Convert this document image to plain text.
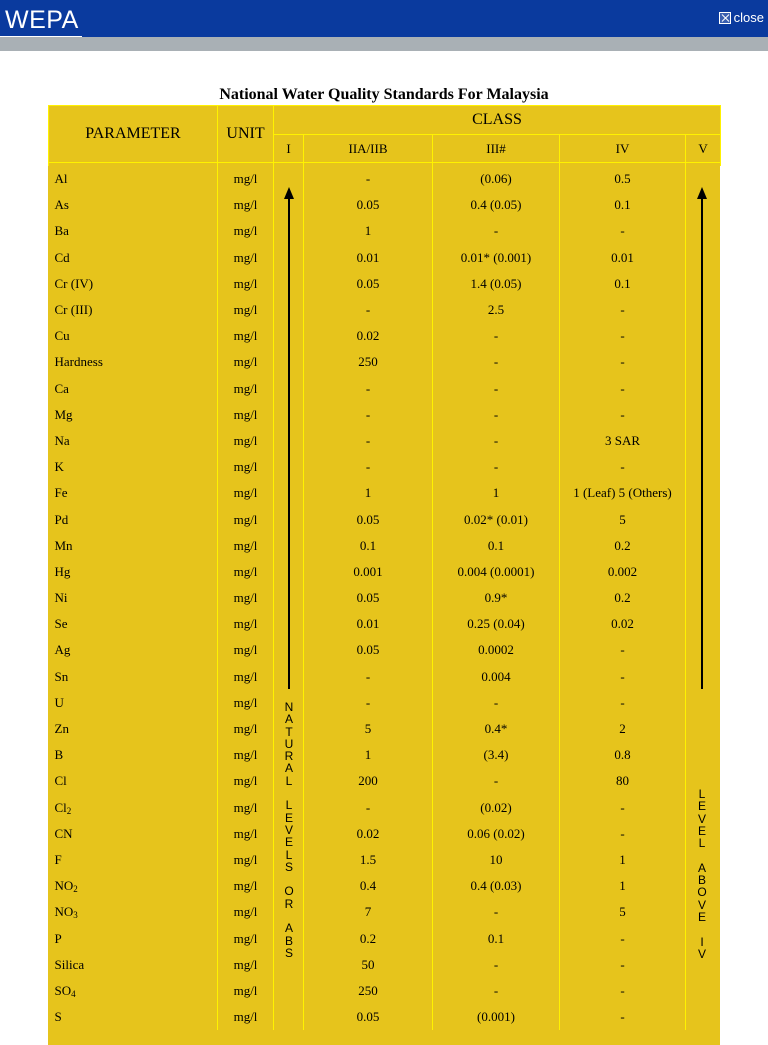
WEPA	close
National Water Quality Standards For Malaysia
PARAMETER	UNIT	CLASS				
		I	IIA/IIB	III#	IV	V

Al	mg/l		-	(0.06)	0.5	
As	mg/l		0.05	0.4 (0.05)	0.1	
Ba	mg/l		1	-	-	
Cd	mg/l		0.01	0.01* (0.001)	0.01	
Cr (IV)	mg/l		0.05	1.4 (0.05)	0.1	
Cr (III)	mg/l		-	2.5	-	
Cu	mg/l		0.02	-	-	
Hardness	mg/l		250	-	-	
Ca	mg/l		-	-	-	
Mg	mg/l		-	-	-	
Na	mg/l		-	-	3 SAR	
K	mg/l		-	-	-	
Fe	mg/l		1	1	1 (Leaf) 5 (Others)	
Pd	mg/l		0.05	0.02* (0.01)	5	
Mn	mg/l		0.1	0.1	0.2	
Hg	mg/l		0.001	0.004 (0.0001)	0.002	
Ni	mg/l		0.05	0.9*	0.2	
Se	mg/l		0.01	0.25 (0.04)	0.02	
Ag	mg/l		0.05	0.0002	-	
Sn	mg/l		-	0.004	-	
U	mg/l		-	-	-	
Zn	mg/l		5	0.4*	2	
B	mg/l		1	(3.4)	0.8	
Cl	mg/l		200	-	80	
$Cl_2$	mg/l		-	(0.02)	-	
CN	mg/l		0.02	0.06 (0.02)	-	
F	mg/l		1.5	10	1	
$NO_2$	mg/l		0.4	0.4 (0.03)	1	
$NO_3$	mg/l		7	-	5	
P	mg/l		0.2	0.1	-	
Silica	mg/l		50	-	-	
$SO_4$	mg/l		250	-	-	
S	mg/l		0.05	(0.001)	-	
N
A
T
U
R
A
L

L
E
V
E
L
S

O
R

A
B
S
L
E
V
E
L

A
B
O
V
E

I
V
